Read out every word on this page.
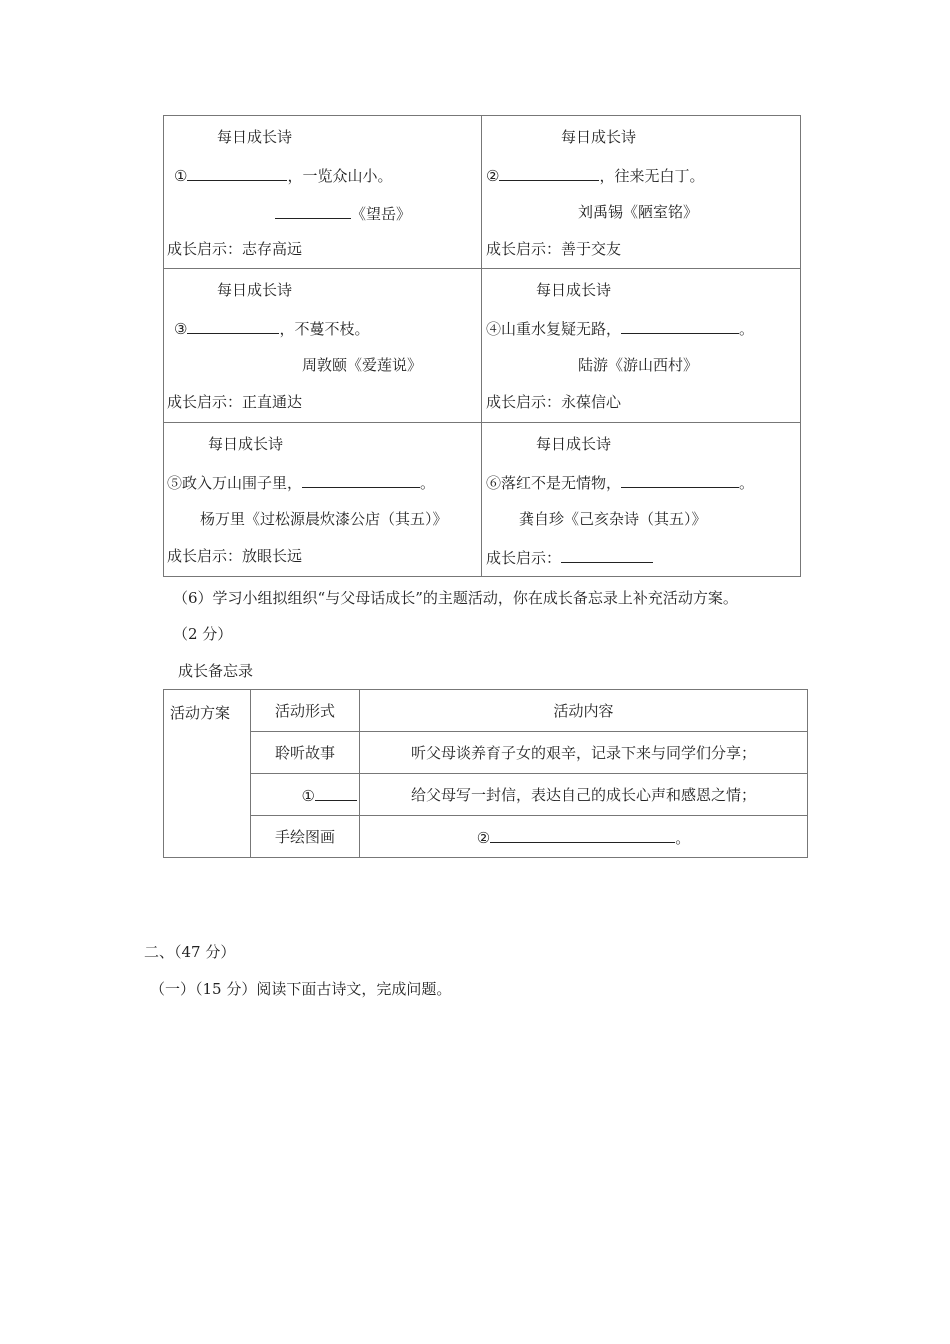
每日成长诗
①	，一览众山小。
《望岳》
成长启示：志存高远
每日成长诗
②	，往来无白丁。
刘禹锡《陋室铭》
成长启示：善于交友
每日成长诗
③	，不蔓不枝。
周敦颐《爱莲说》
成长启示：正直通达
每日成长诗
④山重水复疑无路，	。
陆游《游山西村》
成长启示：永葆信心
每日成长诗
⑤政入万山围子里，	。
杨万里《过松源晨炊漆公店（其五）》
成长启示：放眼长远
每日成长诗
⑥落红不是无情物，	。
龚自珍《己亥杂诗（其五）》
成长启示：
（6）学习小组拟组织“与父母话成长”的主题活动，你在成长备忘录上补充活动方案。
（2 分）
成长备忘录
活动方案	活动形式	活动内容
	聆听故事	听父母谈养育子女的艰辛，记录下来与同学们分享；
	①	给父母写一封信，表达自己的成长心声和感恩之情；
	手绘图画	② 。
二、（47 分）
（一）（15 分）阅读下面古诗文，完成问题。
